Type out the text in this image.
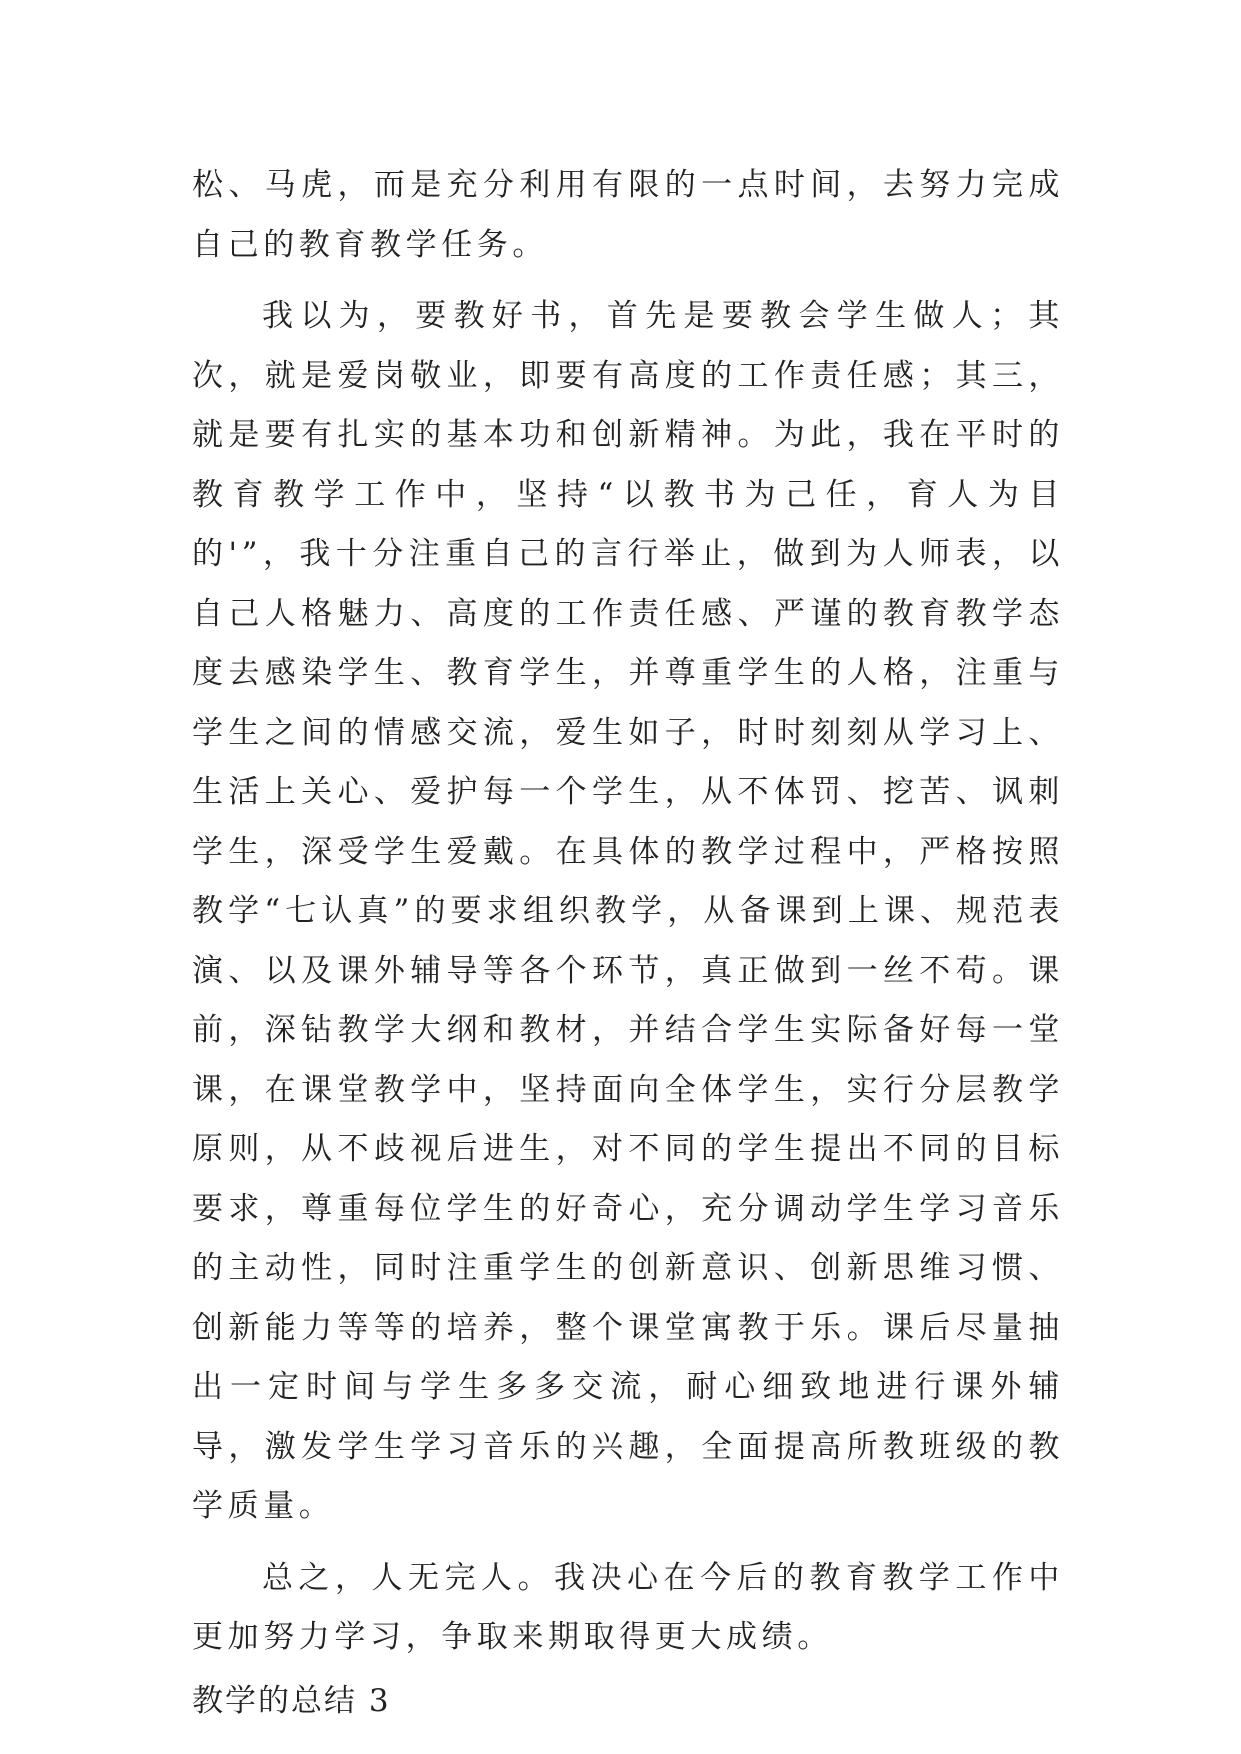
松、马虎，而是充分利用有限的一点时间，去努力完成自己的教育教学任务。

我以为，要教好书，首先是要教会学生做人；其次，就是爱岗敬业，即要有高度的工作责任感；其三，就是要有扎实的基本功和创新精神。为此，我在平时的教育教学工作中，坚持“以教书为己任，育人为目的'”，我十分注重自己的言行举止，做到为人师表，以自己人格魅力、高度的工作责任感、严谨的教育教学态度去感染学生、教育学生，并尊重学生的人格，注重与学生之间的情感交流，爱生如子，时时刻刻从学习上、生活上关心、爱护每一个学生，从不体罚、挖苦、讽刺学生，深受学生爱戴。在具体的教学过程中，严格按照教学“七认真”的要求组织教学，从备课到上课、规范表演、以及课外辅导等各个环节，真正做到一丝不苟。课前，深钻教学大纲和教材，并结合学生实际备好每一堂课，在课堂教学中，坚持面向全体学生，实行分层教学原则，从不歧视后进生，对不同的学生提出不同的目标要求，尊重每位学生的好奇心，充分调动学生学习音乐的主动性，同时注重学生的创新意识、创新思维习惯、创新能力等等的培养，整个课堂寓教于乐。课后尽量抽出一定时间与学生多多交流，耐心细致地进行课外辅导，激发学生学习音乐的兴趣，全面提高所教班级的教学质量。

总之，人无完人。我决心在今后的教育教学工作中更加努力学习，争取来期取得更大成绩。

教学的总结 3
